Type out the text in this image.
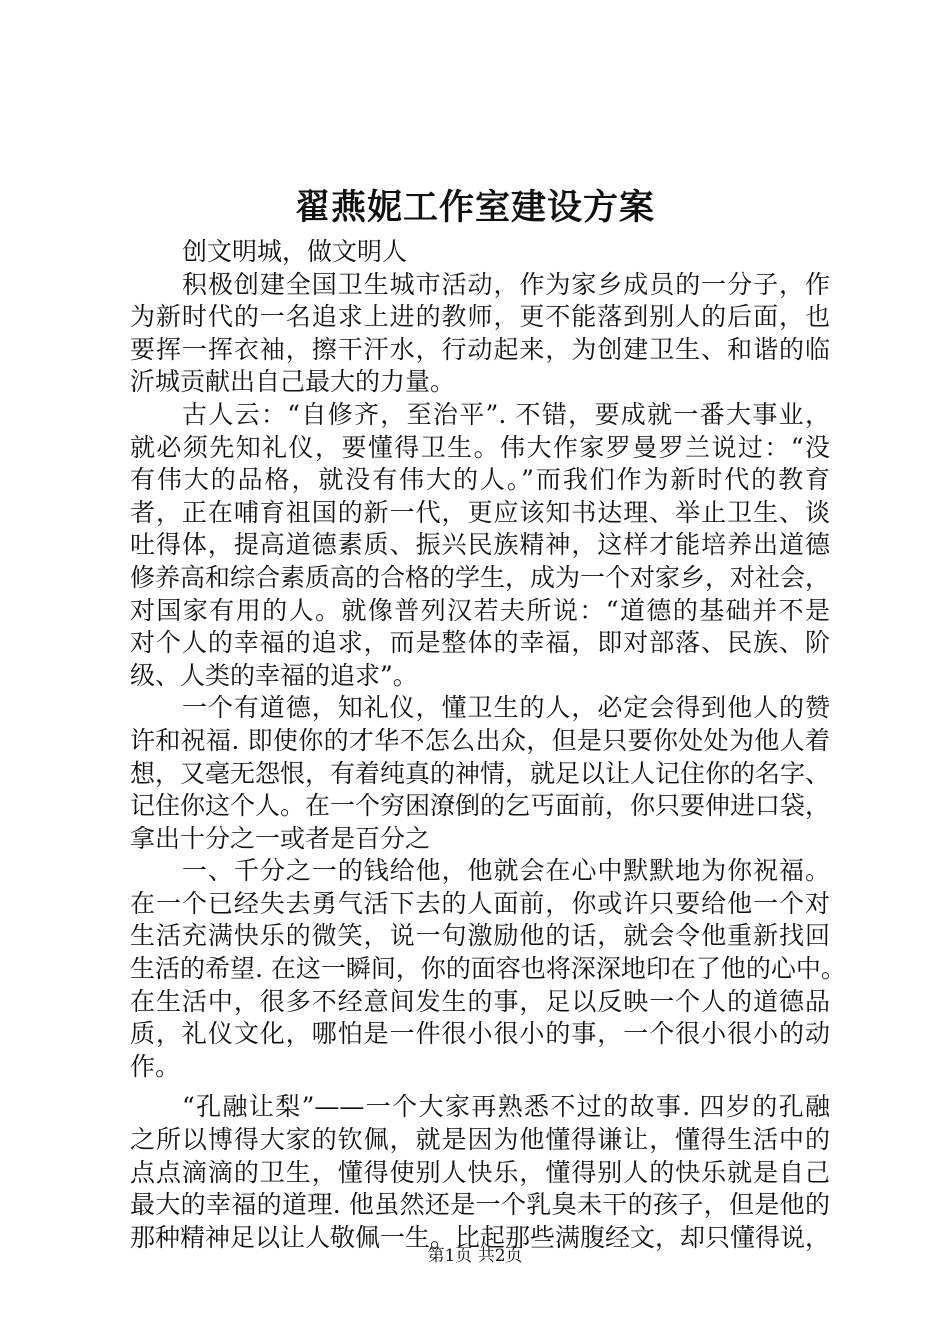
翟燕妮工作室建设方案
创文明城，做文明人
积极创建全国卫生城市活动，作为家乡成员的一分子，作
为新时代的一名追求上进的教师，更不能落到别人的后面，也
要挥一挥衣袖，擦干汗水，行动起来，为创建卫生、和谐的临
沂城贡献出自己最大的力量。
古人云：“自修齐，至治平”. 不错，要成就一番大事业，
就必须先知礼仪，要懂得卫生。伟大作家罗曼罗兰说过：“没
有伟大的品格，就没有伟大的人。”而我们作为新时代的教育
者，正在哺育祖国的新一代，更应该知书达理、举止卫生、谈
吐得体，提高道德素质、振兴民族精神，这样才能培养出道德
修养高和综合素质高的合格的学生，成为一个对家乡，对社会，
对国家有用的人。就像普列汉若夫所说：“道德的基础并不是
对个人的幸福的追求，而是整体的幸福，即对部落、民族、阶
级、人类的幸福的追求”。
一个有道德，知礼仪，懂卫生的人，必定会得到他人的赞
许和祝福. 即使你的才华不怎么出众，但是只要你处处为他人着
想，又毫无怨恨，有着纯真的神情，就足以让人记住你的名字、
记住你这个人。在一个穷困潦倒的乞丐面前，你只要伸进口袋，
拿出十分之一或者是百分之
一、千分之一的钱给他，他就会在心中默默地为你祝福。
在一个已经失去勇气活下去的人面前，你或许只要给他一个对
生活充满快乐的微笑，说一句激励他的话，就会令他重新找回
生活的希望. 在这一瞬间，你的面容也将深深地印在了他的心中。
在生活中，很多不经意间发生的事，足以反映一个人的道德品
质，礼仪文化，哪怕是一件很小很小的事，一个很小很小的动
作。
“孔融让梨”——一个大家再熟悉不过的故事. 四岁的孔融
之所以博得大家的钦佩，就是因为他懂得谦让，懂得生活中的
点点滴滴的卫生，懂得使别人快乐，懂得别人的快乐就是自己
最大的幸福的道理. 他虽然还是一个乳臭未干的孩子，但是他的
那种精神足以让人敬佩一生。比起那些满腹经文，却只懂得说，
第1页 共2页
